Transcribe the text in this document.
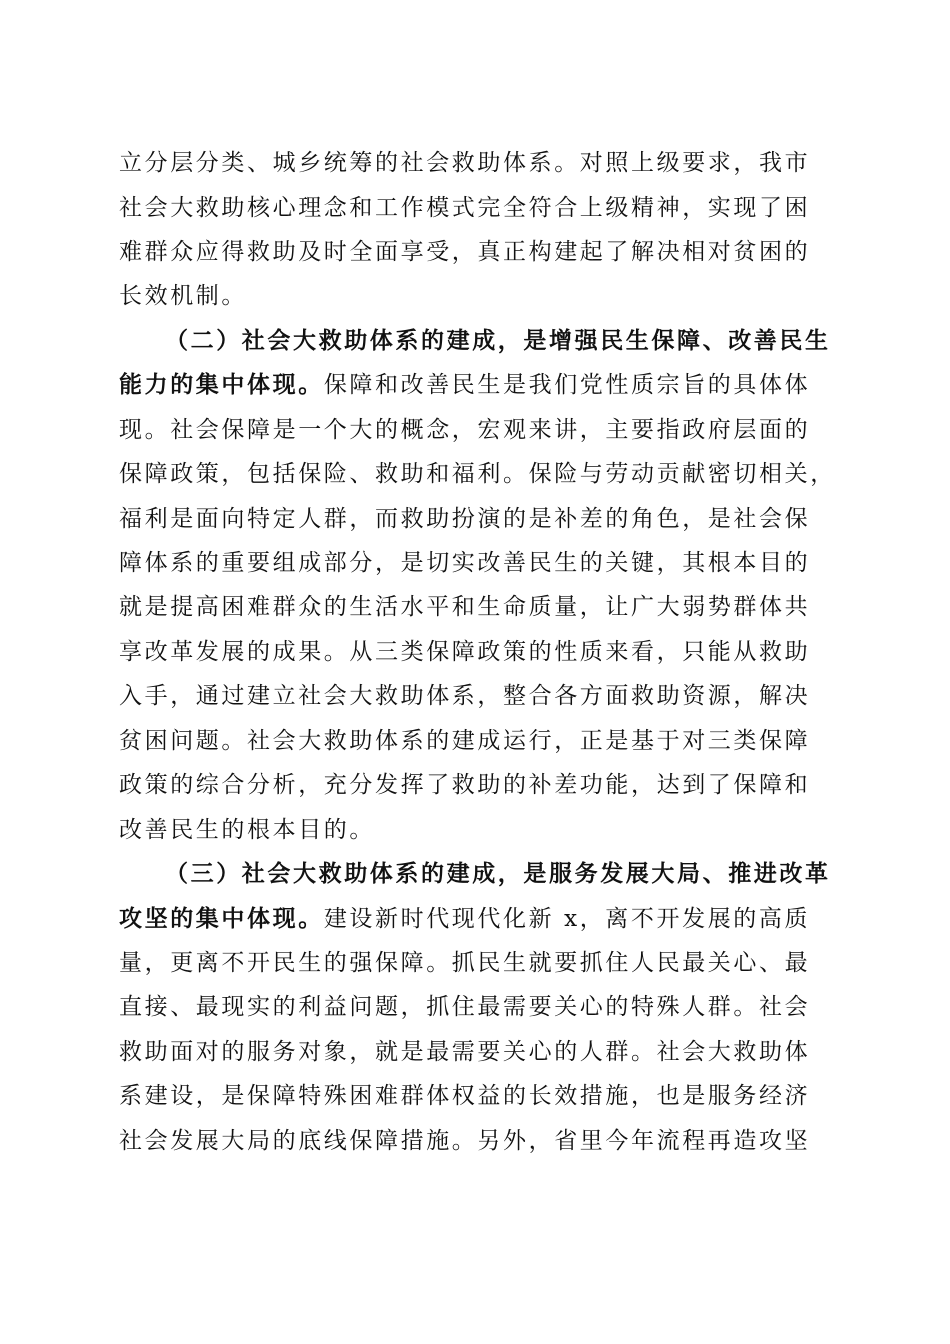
立分层分类、城乡统筹的社会救助体系。对照上级要求，我市
社会大救助核心理念和工作模式完全符合上级精神，实现了困
难群众应得救助及时全面享受，真正构建起了解决相对贫困的
长效机制。
（二）社会大救助体系的建成，是增强民生保障、改善民生
能力的集中体现。保障和改善民生是我们党性质宗旨的具体体
现。社会保障是一个大的概念，宏观来讲，主要指政府层面的
保障政策，包括保险、救助和福利。保险与劳动贡献密切相关，
福利是面向特定人群，而救助扮演的是补差的角色，是社会保
障体系的重要组成部分，是切实改善民生的关键，其根本目的
就是提高困难群众的生活水平和生命质量，让广大弱势群体共
享改革发展的成果。从三类保障政策的性质来看，只能从救助
入手，通过建立社会大救助体系，整合各方面救助资源，解决
贫困问题。社会大救助体系的建成运行，正是基于对三类保障
政策的综合分析，充分发挥了救助的补差功能，达到了保障和
改善民生的根本目的。
（三）社会大救助体系的建成，是服务发展大局、推进改革
攻坚的集中体现。建设新时代现代化新 x，离不开发展的高质
量，更离不开民生的强保障。抓民生就要抓住人民最关心、最
直接、最现实的利益问题，抓住最需要关心的特殊人群。社会
救助面对的服务对象，就是最需要关心的人群。社会大救助体
系建设，是保障特殊困难群体权益的长效措施，也是服务经济
社会发展大局的底线保障措施。另外，省里今年流程再造攻坚
